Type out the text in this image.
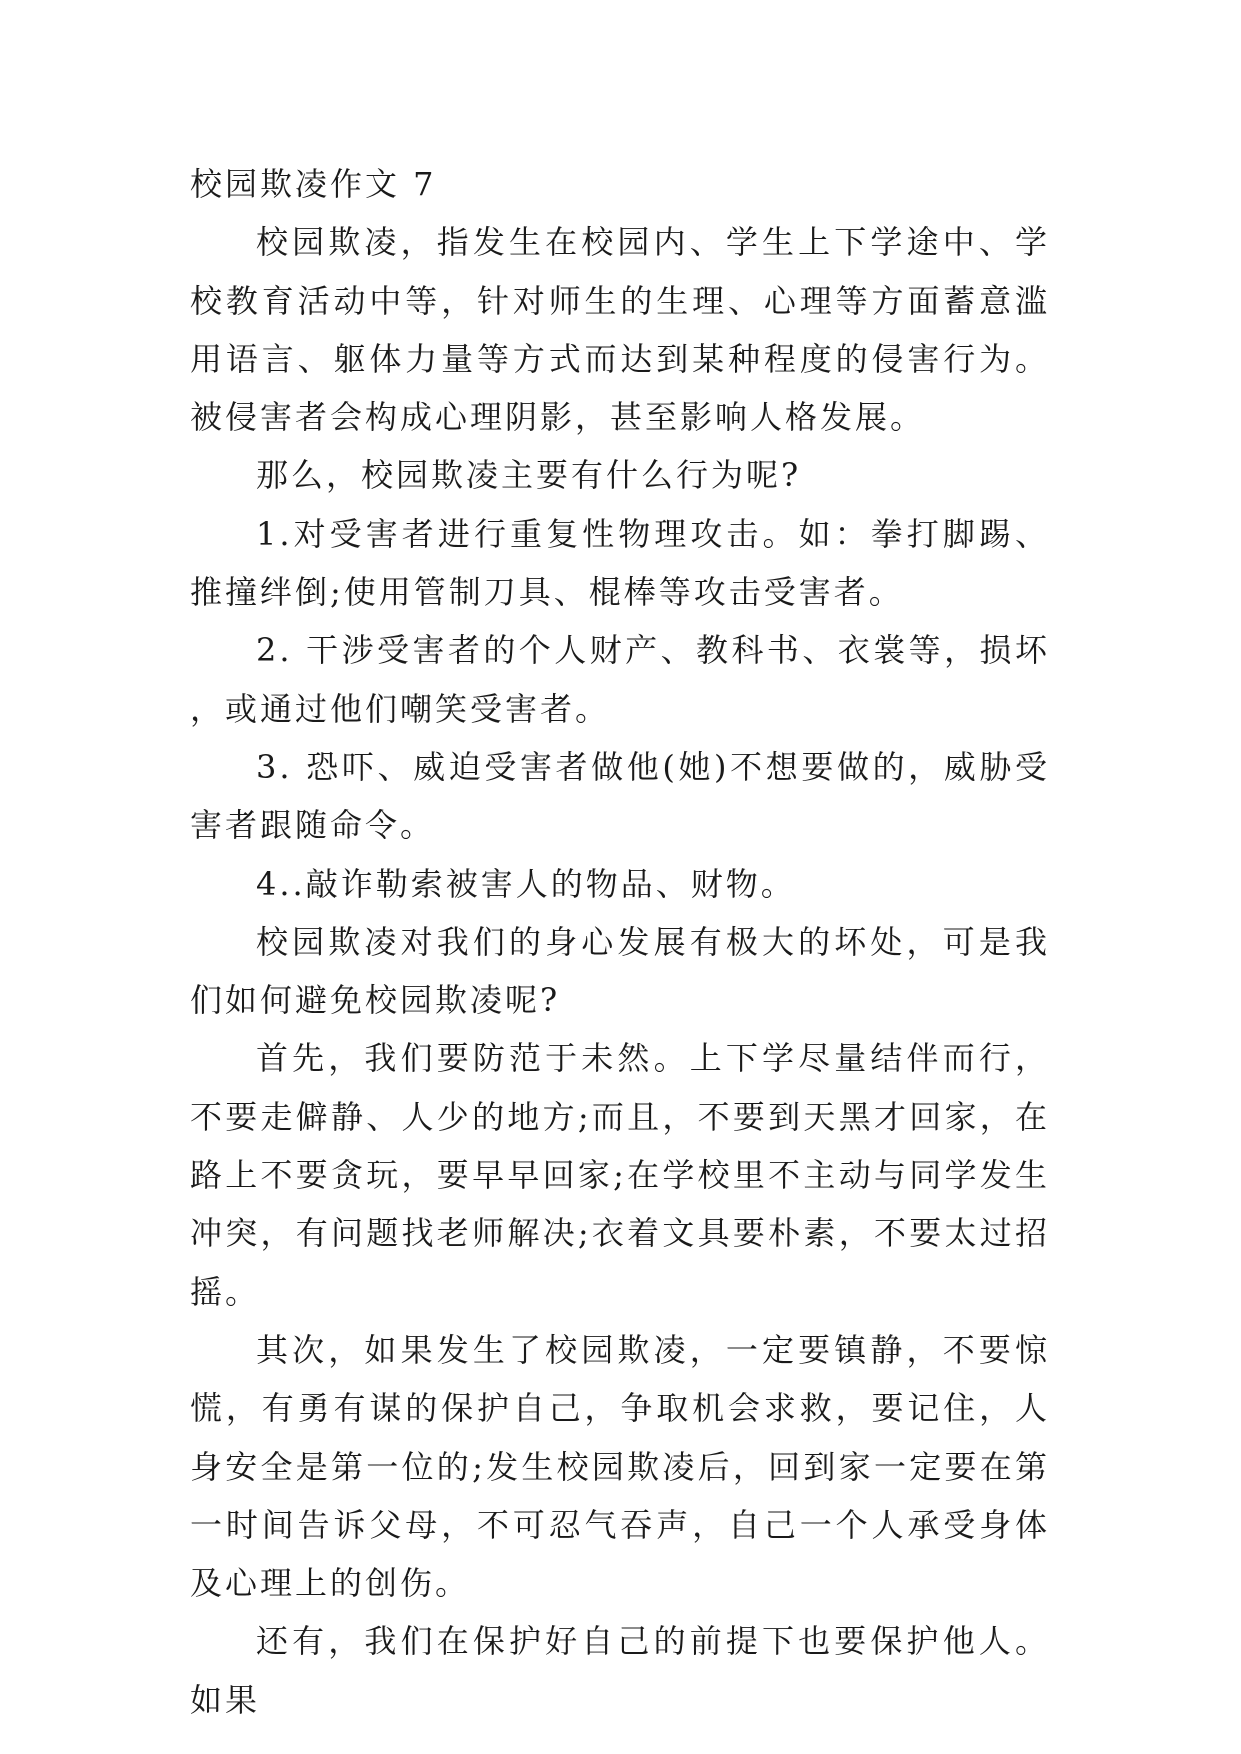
校园欺凌作文 7

校园欺凌，指发生在校园内、学生上下学途中、学校教育活动中等，针对师生的生理、心理等方面蓄意滥用语言、躯体力量等方式而达到某种程度的侵害行为。被侵害者会构成心理阴影，甚至影响人格发展。

那么，校园欺凌主要有什么行为呢?

1.对受害者进行重复性物理攻击。如：拳打脚踢、推撞绊倒;使用管制刀具、棍棒等攻击受害者。

2. 干涉受害者的个人财产、教科书、衣裳等，损坏，或通过他们嘲笑受害者。

3. 恐吓、威迫受害者做他(她)不想要做的，威胁受害者跟随命令。

4..敲诈勒索被害人的物品、财物。

校园欺凌对我们的身心发展有极大的坏处，可是我们如何避免校园欺凌呢?

首先，我们要防范于未然。上下学尽量结伴而行，不要走僻静、人少的地方;而且，不要到天黑才回家，在路上不要贪玩，要早早回家;在学校里不主动与同学发生冲突，有问题找老师解决;衣着文具要朴素，不要太过招摇。

其次，如果发生了校园欺凌，一定要镇静，不要惊慌，有勇有谋的保护自己，争取机会求救，要记住，人身安全是第一位的;发生校园欺凌后，回到家一定要在第一时间告诉父母，不可忍气吞声，自己一个人承受身体及心理上的创伤。

还有，我们在保护好自己的前提下也要保护他人。如果
